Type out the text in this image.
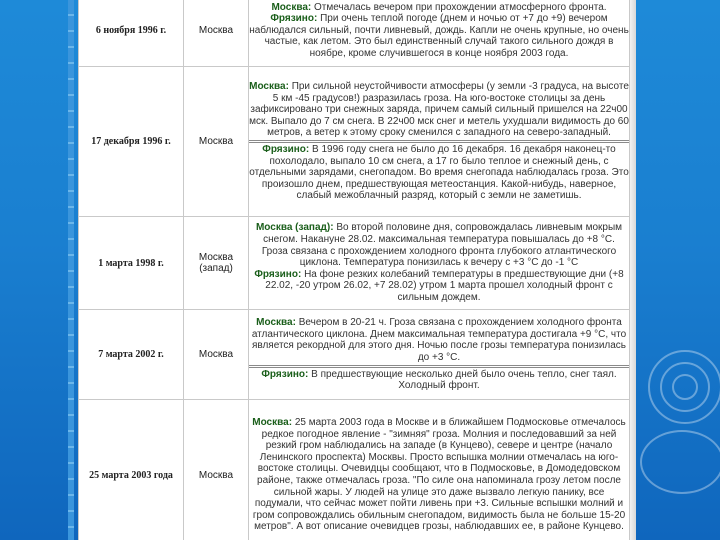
6 ноября 1996 г.	Москва	Москва: Отмечалась вечером при прохождении атмосферного фронта.

Фрязино: При очень теплой погоде (днем и ночью от +7 до +9) вечером наблюдался сильный, почти ливневый, дождь. Капли не очень крупные, но очень частые, как летом. Это был единственный случай такого сильного дождя в ноябре, кроме случившегося в конце ноября 2003 года.

17 декабря 1996 г.	Москва	Москва: При сильной неустойчивости атмосферы (у земли -3 градуса, на высоте 5 км -45 градусов!) разразилась гроза. На юго-востоке столицы за день зафиксировано три снежных заряда, причем самый сильный пришелся на 22ч00 мск. Выпало до 7 см снега. В 22ч00 мск снег и метель ухудшали видимость до 60 метров, а ветер к этому сроку сменился с западного на северо-западный.

Фрязино: В 1996 году снега не было до 16 декабря. 16 декабря наконец-то похолодало, выпало 10 см снега, а 17 го было теплое и снежный день, с отдельными зарядами, снегопадом. Во время снегопада наблюдалась гроза. Это произошло днем, предшествующая метеостанция. Какой-нибудь, наверное, слабый межоблачный разряд, который с земли не заметишь.

1 марта 1998 г.	Москва (запад)	Москва (запад): Во второй половине дня, сопровождалась ливневым мокрым снегом. Накануне 28.02. максимальная температура повышалась до +8 °C. Гроза связана с прохождением холодного фронта глубокого атлантического циклона. Температура понизилась к вечеру с +3 °C до -1 °C

Фрязино: На фоне резких колебаний температуры в предшествующие дни (+8 22.02, -20 утром 26.02, +7 28.02) утром 1 марта прошел холодный фронт с сильным дождем.

7 марта 2002 г.	Москва	Москва: Вечером в 20-21 ч. Гроза связана с прохождением холодного фронта атлантического циклона. Днем максимальная температура достигала +9 °C, что является рекордной для этого дня. Ночью после грозы температура понизилась до +3 °C.

Фрязино: В предшествующие несколько дней было очень тепло, снег таял. Холодный фронт.

25 марта 2003 года	Москва	Москва: 25 марта 2003 года в Москве и в ближайшем Подмосковье отмечалось редкое погодное явление - "зимняя" гроза. Молния и последовавший за ней резкий гром наблюдались на западе (в Кунцево), севере и центре (начало Ленинского проспекта) Москвы. Просто вспышка молнии отмечалась на юго-востоке столицы. Очевидцы сообщают, что в Подмосковье, в Домодедовском районе, также отмечалась гроза. "По силе она напоминала грозу летом после сильной жары. У людей на улице это даже вызвало легкую панику, все подумали, что сейчас может пойти ливень при +3. Сильные вспышки молний и гром сопровождались обильным снегопадом, видимость была не больше 15-20 метров". А вот описание очевидцев грозы, наблюдавших ее, в районе Кунцево.
